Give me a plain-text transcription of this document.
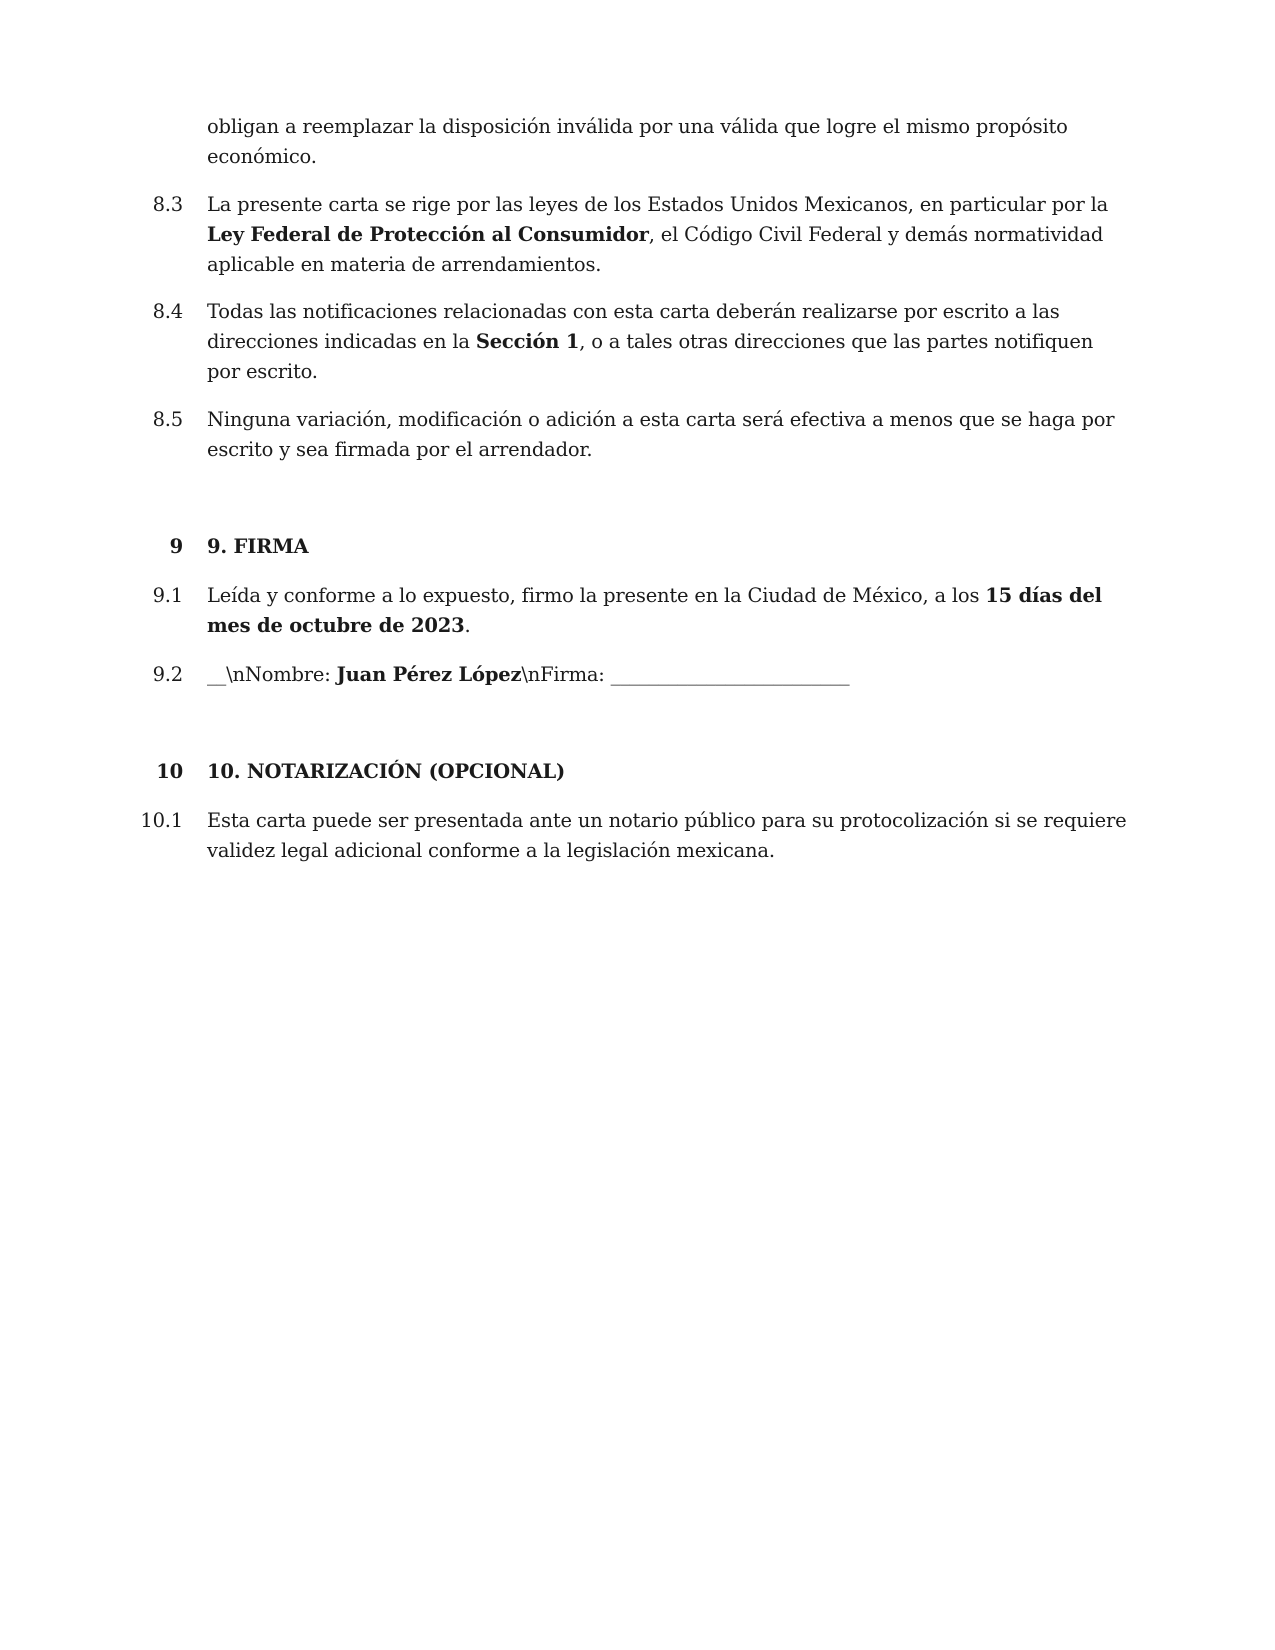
obligan a reemplazar la disposición inválida por una válida que logre el mismo propósito económico.
8.3 La presente carta se rige por las leyes de los Estados Unidos Mexicanos, en particular por la Ley Federal de Protección al Consumidor, el Código Civil Federal y demás normatividad aplicable en materia de arrendamientos.
8.4 Todas las notificaciones relacionadas con esta carta deberán realizarse por escrito a las direcciones indicadas en la Sección 1, o a tales otras direcciones que las partes notifiquen por escrito.
8.5 Ninguna variación, modificación o adición a esta carta será efectiva a menos que se haga por escrito y sea firmada por el arrendador.
9 9. FIRMA
9.1 Leída y conforme a lo expuesto, firmo la presente en la Ciudad de México, a los 15 días del mes de octubre de 2023.
9.2 __\nNombre: Juan Pérez López\nFirma: _________________________
10 10. NOTARIZACIÓN (OPCIONAL)
10.1 Esta carta puede ser presentada ante un notario público para su protocolización si se requiere validez legal adicional conforme a la legislación mexicana.
